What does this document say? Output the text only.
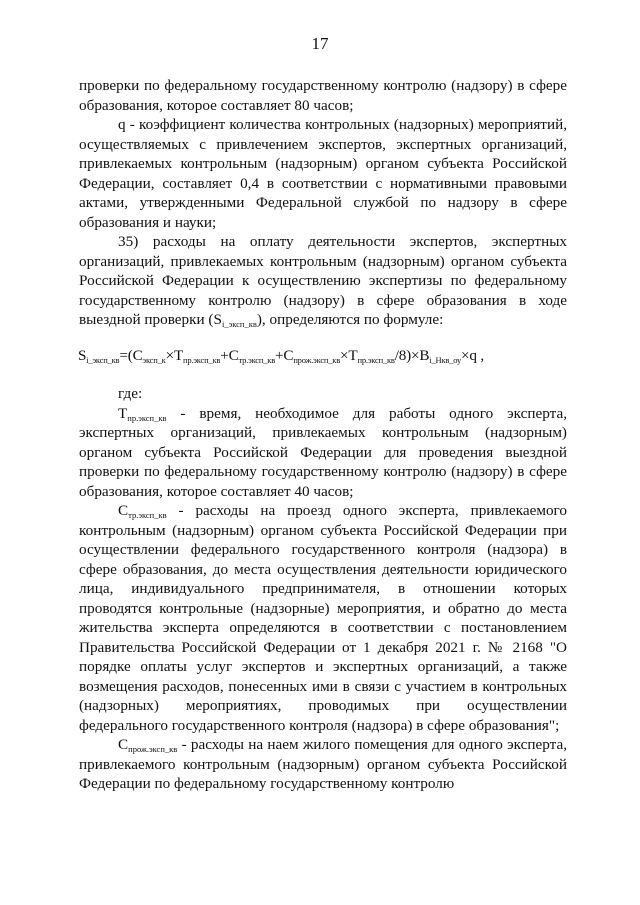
17

проверки по федеральному государственному контролю (надзору) в сфере образования, которое составляет 80 часов;

q - коэффициент количества контрольных (надзорных) мероприятий, осуществляемых с привлечением экспертов, экспертных организаций, привлекаемых контрольным (надзорным) органом субъекта Российской Федерации, составляет 0,4 в соответствии с нормативными правовыми актами, утвержденными Федеральной службой по надзору в сфере образования и науки;

35) расходы на оплату деятельности экспертов, экспертных организаций, привлекаемых контрольным (надзорным) органом субъекта Российской Федерации к осуществлению экспертизы по федеральному государственному контролю (надзору) в сфере образования в ходе выездной проверки $(S_{i\_эксп\_кв})$, определяются по формуле:

$S_{i\_эксп\_кв}=(C_{эксп\_к}\times T_{пр.эксп\_кв}+C_{тр.эксп\_кв}+C_{прож.эксп\_кв}\times T_{пр.эксп\_кв}/8)\times B_{i\_Нкв\_оу}\times q$ ,

где:

$T_{пр.эксп\_кв}$ - время, необходимое для работы одного эксперта, экспертных организаций, привлекаемых контрольным (надзорным) органом субъекта Российской Федерации для проведения выездной проверки по федеральному государственному контролю (надзору) в сфере образования, которое составляет 40 часов;

$C_{тр.эксп\_кв}$ - расходы на проезд одного эксперта, привлекаемого контрольным (надзорным) органом субъекта Российской Федерации при осуществлении федерального государственного контроля (надзора) в сфере образования, до места осуществления деятельности юридического лица, индивидуального предпринимателя, в отношении которых проводятся контрольные (надзорные) мероприятия, и обратно до места жительства эксперта определяются в соответствии с постановлением Правительства Российской Федерации от 1 декабря 2021 г. № 2168 "О порядке оплаты услуг экспертов и экспертных организаций, а также возмещения расходов, понесенных ими в связи с участием в контрольных (надзорных) мероприятиях, проводимых при осуществлении федерального государственного контроля (надзора) в сфере образования";

$C_{прож.эксп\_кв}$ - расходы на наем жилого помещения для одного эксперта, привлекаемого контрольным (надзорным) органом субъекта Российской Федерации по федеральному государственному контролю
